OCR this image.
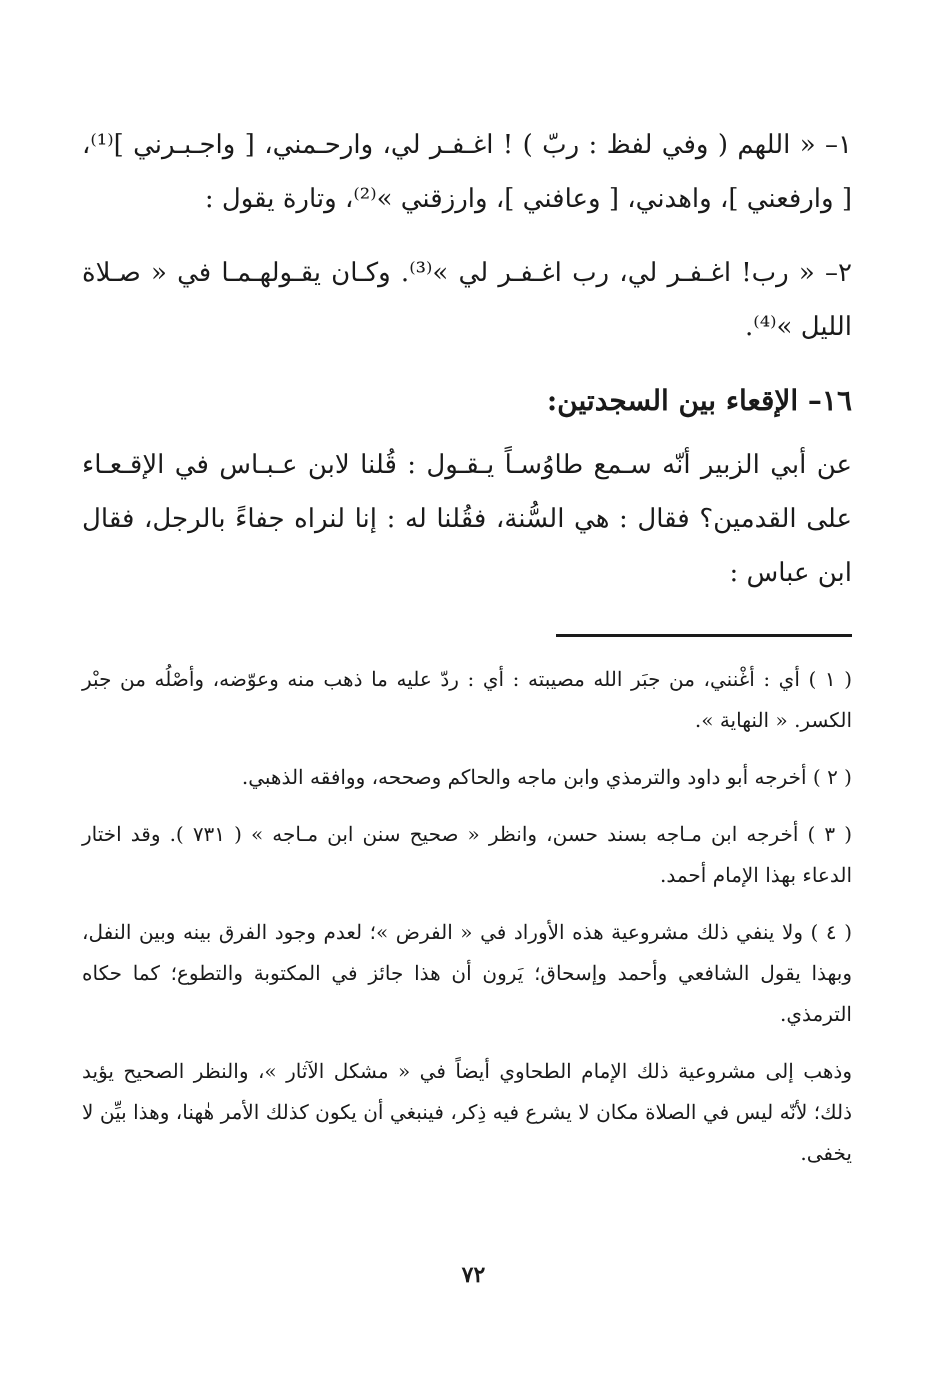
١– « اللهم ( وفي لفظ : ربّ ) ! اغـفـر لي، وارحـمني، [ واجـبـرني ]⁽¹⁾، [ وارفعني ]، واهدني، [ وعافني ]، وارزقني »⁽²⁾، وتارة يقول :

٢– « رب! اغـفـر لي، رب اغـفـر لي »⁽³⁾. وكـان يقـولهـمـا في « صـلاة الليل »⁽⁴⁾.

١٦– الإقعاء بين السجدتين:

عن أبي الزبير أنّه سـمع طاوُسـاً يـقـول : قُلنا لابن عـبـاس في الإقـعـاء على القدمين؟ فقال : هي السُّنة، فقُلنا له : إنا لنراه جفاءً بالرجل، فقال ابن عباس :

( ١ ) أي : أغْنني، من جبَر الله مصيبته : أي : ردّ عليه ما ذهب منه وعوّضه، وأصْلُه من جبْر الكسر. « النهاية ».

( ٢ ) أخرجه أبو داود والترمذي وابن ماجه والحاكم وصححه، ووافقه الذهبي.

( ٣ ) أخرجه ابن مـاجه بسند حسن، وانظر « صحيح سنن ابن مـاجه » ( ٧٣١ ). وقد اختار الدعاء بهذا الإمام أحمد.

( ٤ ) ولا ينفي ذلك مشروعية هذه الأوراد في « الفرض »؛ لعدم وجود الفرق بينه وبين النفل، وبهذا يقول الشافعي وأحمد وإسحاق؛ يَرون أن هذا جائز في المكتوبة والتطوع؛ كما حكاه الترمذي.

وذهب إلى مشروعية ذلك الإمام الطحاوي أيضاً في « مشكل الآثار »، والنظر الصحيح يؤيد ذلك؛ لأنّه ليس في الصلاة مكان لا يشرع فيه ذِكر، فينبغي أن يكون كذلك الأمر هٰهنا، وهذا بيِّن لا يخفى.

٧٢
